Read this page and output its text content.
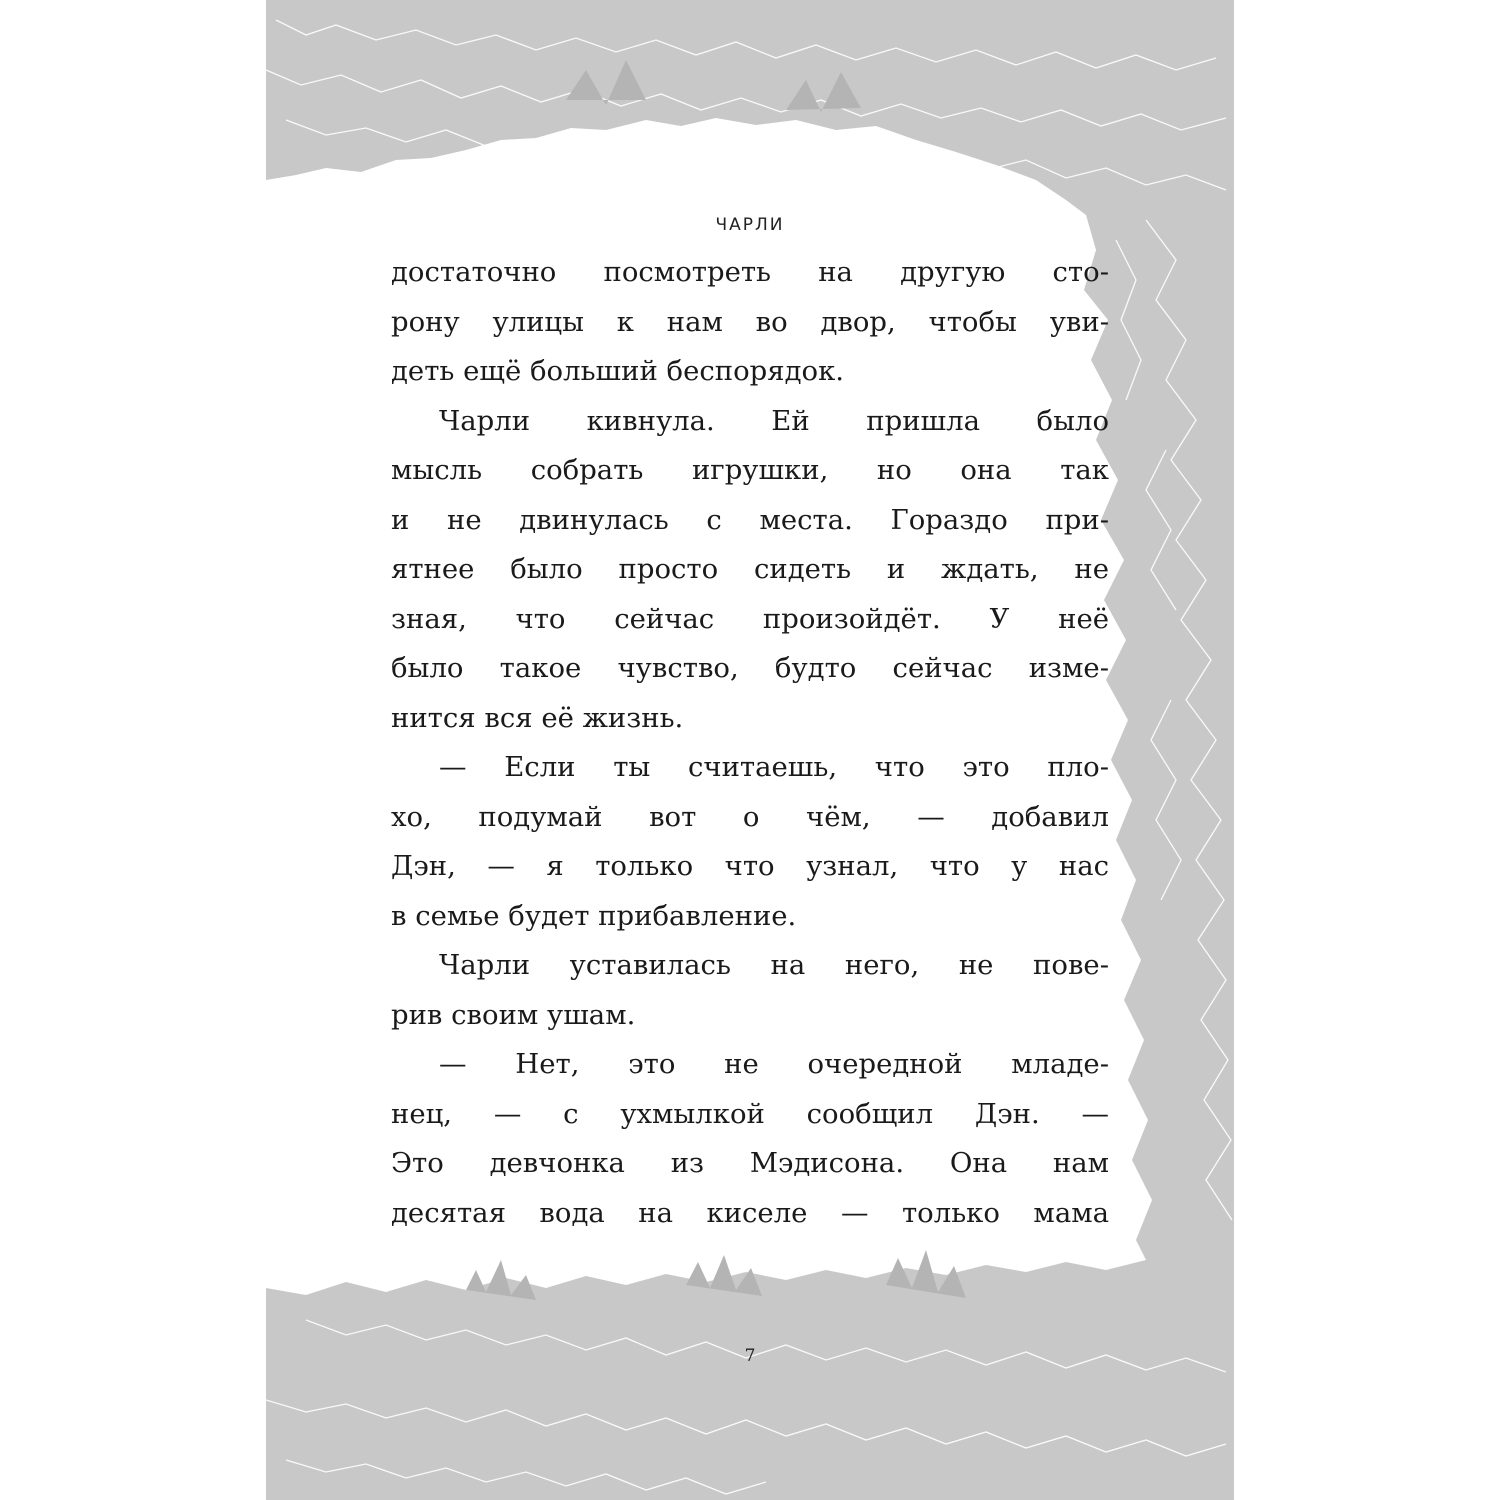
ЧАРЛИ
достаточно посмотреть на другую сто-
рону улицы к нам во двор, чтобы уви-
деть ещё больший беспорядок.
Чарли кивнула. Ей пришла было
мысль собрать игрушки, но она так
и не двинулась с места. Гораздо при-
ятнее было просто сидеть и ждать, не
зная, что сейчас произойдёт. У неё
было такое чувство, будто сейчас изме-
нится вся её жизнь.
— Если ты считаешь, что это пло-
хо, подумай вот о чём, — добавил
Дэн, — я только что узнал, что у нас
в семье будет прибавление.
Чарли уставилась на него, не пове-
рив своим ушам.
— Нет, это не очередной младе-
нец, — с ухмылкой сообщил Дэн. —
Это девчонка из Мэдисона. Она нам
десятая вода на киселе — только мама
7
